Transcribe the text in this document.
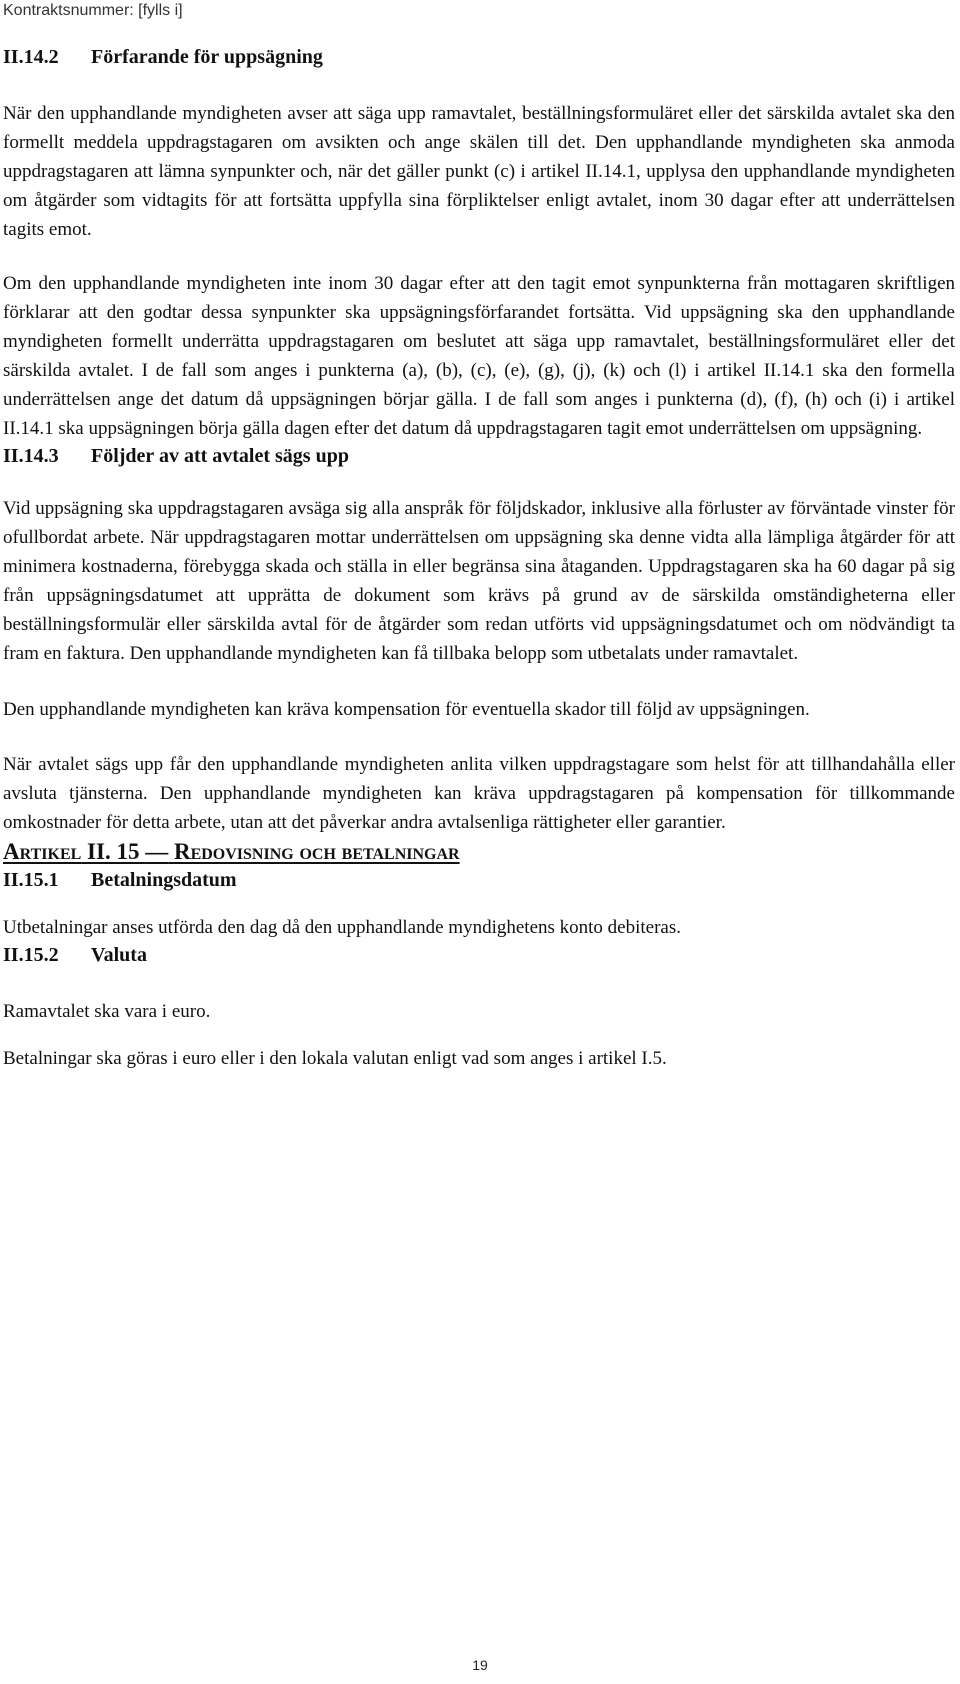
Kontraktsnummer: [fylls i]
II.14.2 Förfarande för uppsägning

När den upphandlande myndigheten avser att säga upp ramavtalet, beställningsformuläret eller det särskilda avtalet ska den formellt meddela uppdragstagaren om avsikten och ange skälen till det. Den upphandlande myndigheten ska anmoda uppdragstagaren att lämna synpunkter och, när det gäller punkt (c) i artikel II.14.1, upplysa den upphandlande myndigheten om åtgärder som vidtagits för att fortsätta uppfylla sina förpliktelser enligt avtalet, inom 30 dagar efter att underrättelsen tagits emot.

Om den upphandlande myndigheten inte inom 30 dagar efter att den tagit emot synpunkterna från mottagaren skriftligen förklarar att den godtar dessa synpunkter ska uppsägningsförfarandet fortsätta. Vid uppsägning ska den upphandlande myndigheten formellt underrätta uppdragstagaren om beslutet att säga upp ramavtalet, beställningsformuläret eller det särskilda avtalet. I de fall som anges i punkterna (a), (b), (c), (e), (g), (j), (k) och (l) i artikel II.14.1 ska den formella underrättelsen ange det datum då uppsägningen börjar gälla. I de fall som anges i punkterna (d), (f), (h) och (i) i artikel II.14.1 ska uppsägningen börja gälla dagen efter det datum då uppdragstagaren tagit emot underrättelsen om uppsägning.

II.14.3 Följder av att avtalet sägs upp

Vid uppsägning ska uppdragstagaren avsäga sig alla anspråk för följdskador, inklusive alla förluster av förväntade vinster för ofullbordat arbete. När uppdragstagaren mottar underrättelsen om uppsägning ska denne vidta alla lämpliga åtgärder för att minimera kostnaderna, förebygga skada och ställa in eller begränsa sina åtaganden. Uppdragstagaren ska ha 60 dagar på sig från uppsägningsdatumet att upprätta de dokument som krävs på grund av de särskilda omständigheterna eller beställningsformulär eller särskilda avtal för de åtgärder som redan utförts vid uppsägningsdatumet och om nödvändigt ta fram en faktura. Den upphandlande myndigheten kan få tillbaka belopp som utbetalats under ramavtalet.

Den upphandlande myndigheten kan kräva kompensation för eventuella skador till följd av uppsägningen.

När avtalet sägs upp får den upphandlande myndigheten anlita vilken uppdragstagare som helst för att tillhandahålla eller avsluta tjänsterna. Den upphandlande myndigheten kan kräva uppdragstagaren på kompensation för tillkommande omkostnader för detta arbete, utan att det påverkar andra avtalsenliga rättigheter eller garantier.

Artikel II. 15 — Redovisning och betalningar
II.15.1 Betalningsdatum

Utbetalningar anses utförda den dag då den upphandlande myndighetens konto debiteras.

II.15.2 Valuta

Ramavtalet ska vara i euro.

Betalningar ska göras i euro eller i den lokala valutan enligt vad som anges i artikel I.5.

19
